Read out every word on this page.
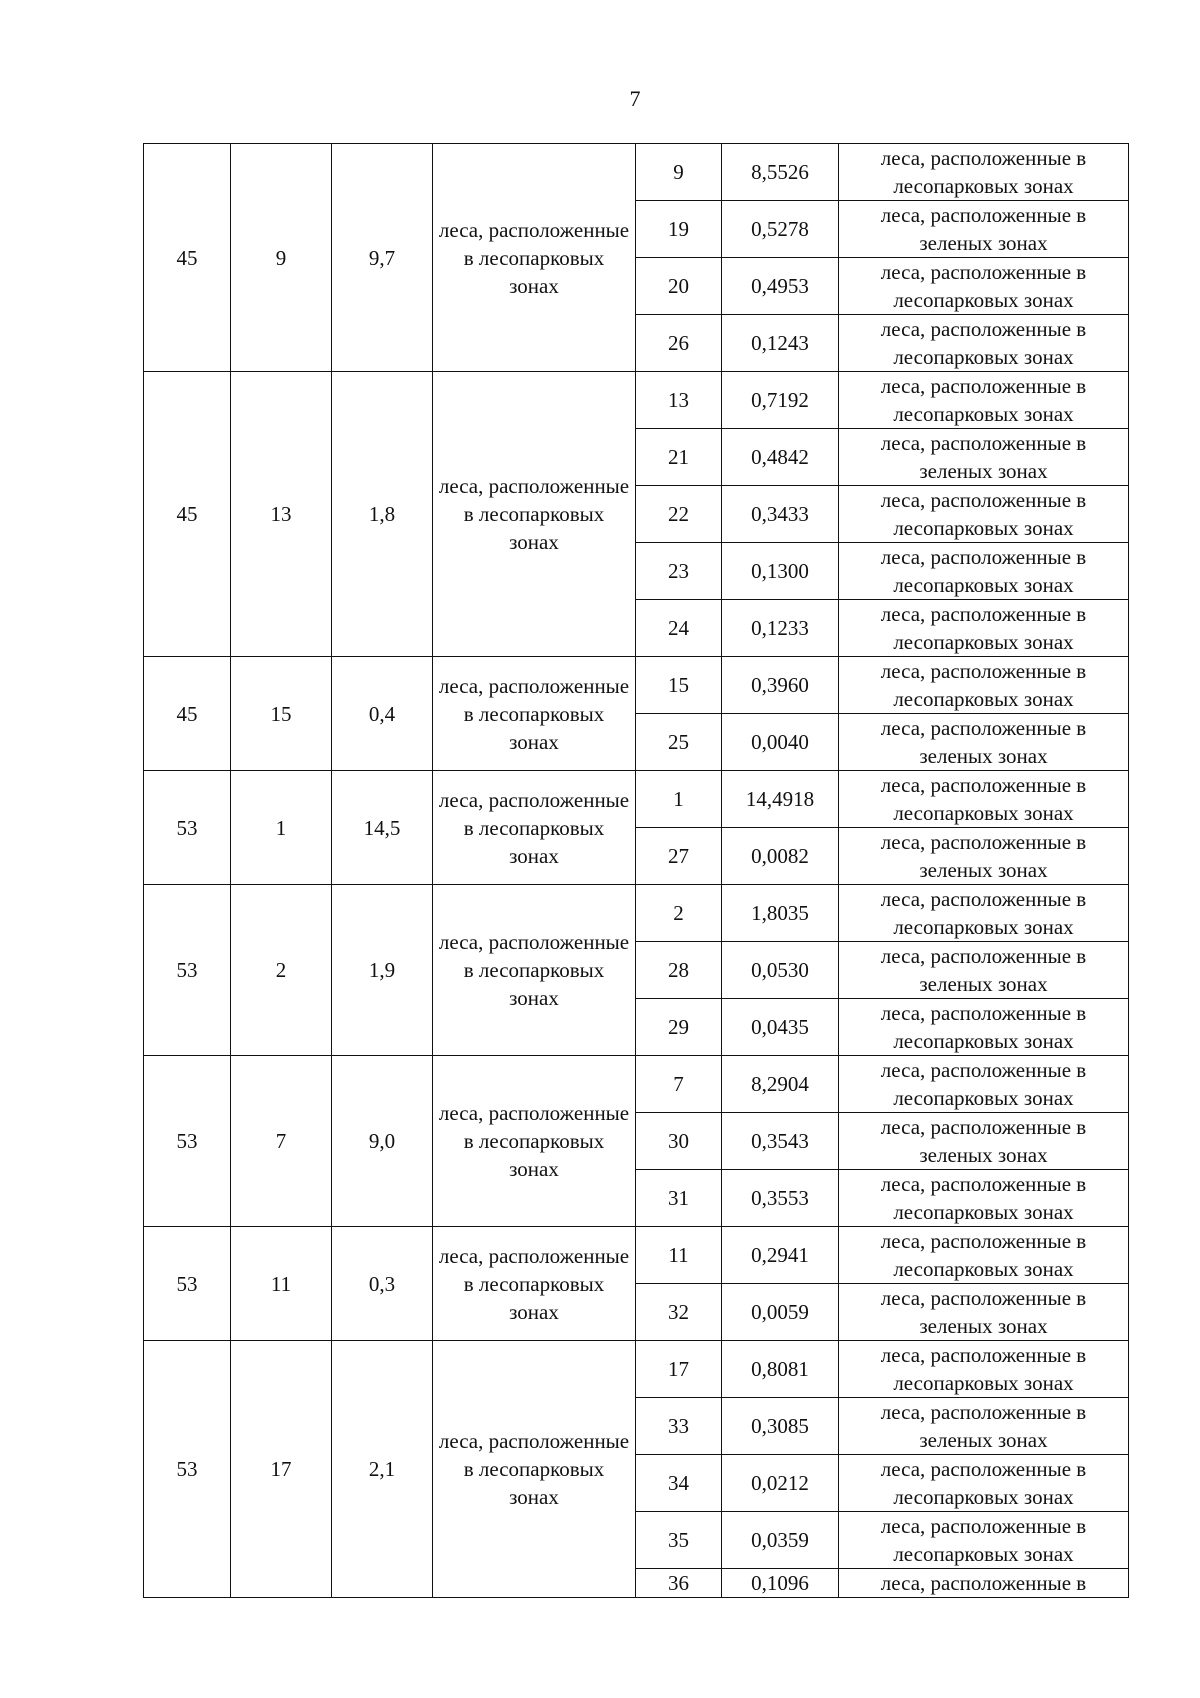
7
45	9	9,7	леса, расположенные в лесопарковых зонах	9	8,5526	леса, расположенные в
лесопарковых зонах
				19	0,5278	леса, расположенные в
зеленых зонах
				20	0,4953	леса, расположенные в
лесопарковых зонах
				26	0,1243	леса, расположенные в
лесопарковых зонах
45	13	1,8	леса, расположенные в лесопарковых зонах	13	0,7192	леса, расположенные в
лесопарковых зонах
				21	0,4842	леса, расположенные в
зеленых зонах
				22	0,3433	леса, расположенные в
лесопарковых зонах
				23	0,1300	леса, расположенные в
лесопарковых зонах
				24	0,1233	леса, расположенные в
лесопарковых зонах
45	15	0,4	леса, расположенные в лесопарковых зонах	15	0,3960	леса, расположенные в
лесопарковых зонах
				25	0,0040	леса, расположенные в
зеленых зонах
53	1	14,5	леса, расположенные в лесопарковых зонах	1	14,4918	леса, расположенные в
лесопарковых зонах
				27	0,0082	леса, расположенные в
зеленых зонах
53	2	1,9	леса, расположенные в лесопарковых зонах	2	1,8035	леса, расположенные в
лесопарковых зонах
				28	0,0530	леса, расположенные в
зеленых зонах
				29	0,0435	леса, расположенные в
лесопарковых зонах
53	7	9,0	леса, расположенные в лесопарковых зонах	7	8,2904	леса, расположенные в
лесопарковых зонах
				30	0,3543	леса, расположенные в
зеленых зонах
				31	0,3553	леса, расположенные в
лесопарковых зонах
53	11	0,3	леса, расположенные в лесопарковых зонах	11	0,2941	леса, расположенные в
лесопарковых зонах
				32	0,0059	леса, расположенные в
зеленых зонах
53	17	2,1	леса, расположенные в лесопарковых зонах	17	0,8081	леса, расположенные в
лесопарковых зонах
				33	0,3085	леса, расположенные в
зеленых зонах
				34	0,0212	леса, расположенные в
лесопарковых зонах
				35	0,0359	леса, расположенные в
лесопарковых зонах
				36	0,1096	леса, расположенные в
